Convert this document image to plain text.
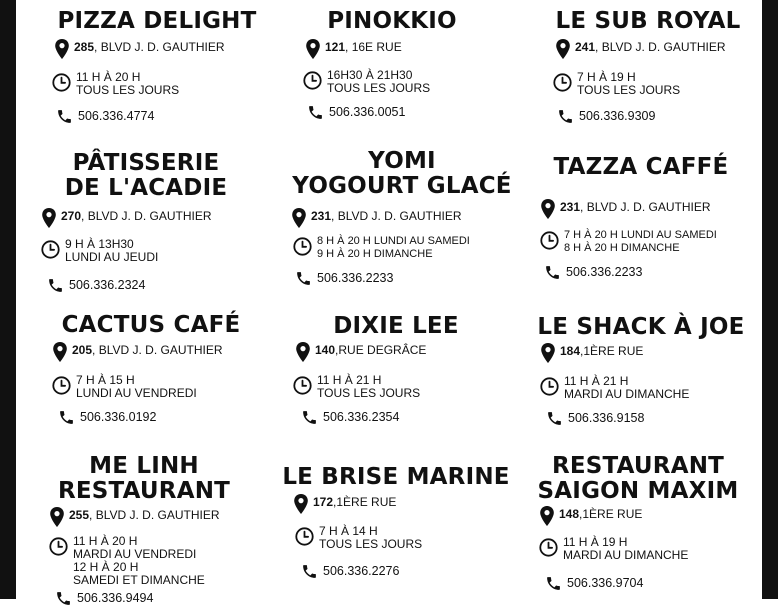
PIZZA DELIGHT
285, BLVD J. D. GAUTHIER
11 H À 20 H
TOUS LES JOURS
506.336.4774
PINOKKIO
121, 16E RUE
16H30 À 21H30
TOUS LES JOURS
506.336.0051
LE SUB ROYAL
241, BLVD J. D. GAUTHIER
7 H À 19 H
TOUS LES JOURS
506.336.9309
PÂTISSERIE
DE L'ACADIE
270, BLVD J. D. GAUTHIER
9 H À 13H30
LUNDI AU JEUDI
506.336.2324
YOMI
YOGOURT GLACÉ
231, BLVD J. D. GAUTHIER
8 H À 20 H LUNDI AU SAMEDI
9 H À 20 H DIMANCHE
506.336.2233
TAZZA CAFFÉ
231, BLVD J. D. GAUTHIER
7 H À 20 H LUNDI AU SAMEDI
8 H À 20 H DIMANCHE
506.336.2233
CACTUS CAFÉ
205, BLVD J. D. GAUTHIER
7 H À 15 H
LUNDI AU VENDREDI
506.336.0192
DIXIE LEE
140,RUE DEGRÂCE
11 H À 21 H
TOUS LES JOURS
506.336.2354
LE SHACK À JOE
184,1ÈRE RUE
11 H À 21 H
MARDI AU DIMANCHE
506.336.9158
ME LINH
RESTAURANT
255, BLVD J. D. GAUTHIER
11 H À 20 H
MARDI AU VENDREDI
12 H À 20 H
SAMEDI ET DIMANCHE
506.336.9494
LE BRISE MARINE
172,1ÈRE RUE
7 H À 14 H
TOUS LES JOURS
506.336.2276
RESTAURANT
SAIGON MAXIM
148,1ÈRE RUE
11 H À 19 H
MARDI AU DIMANCHE
506.336.9704
